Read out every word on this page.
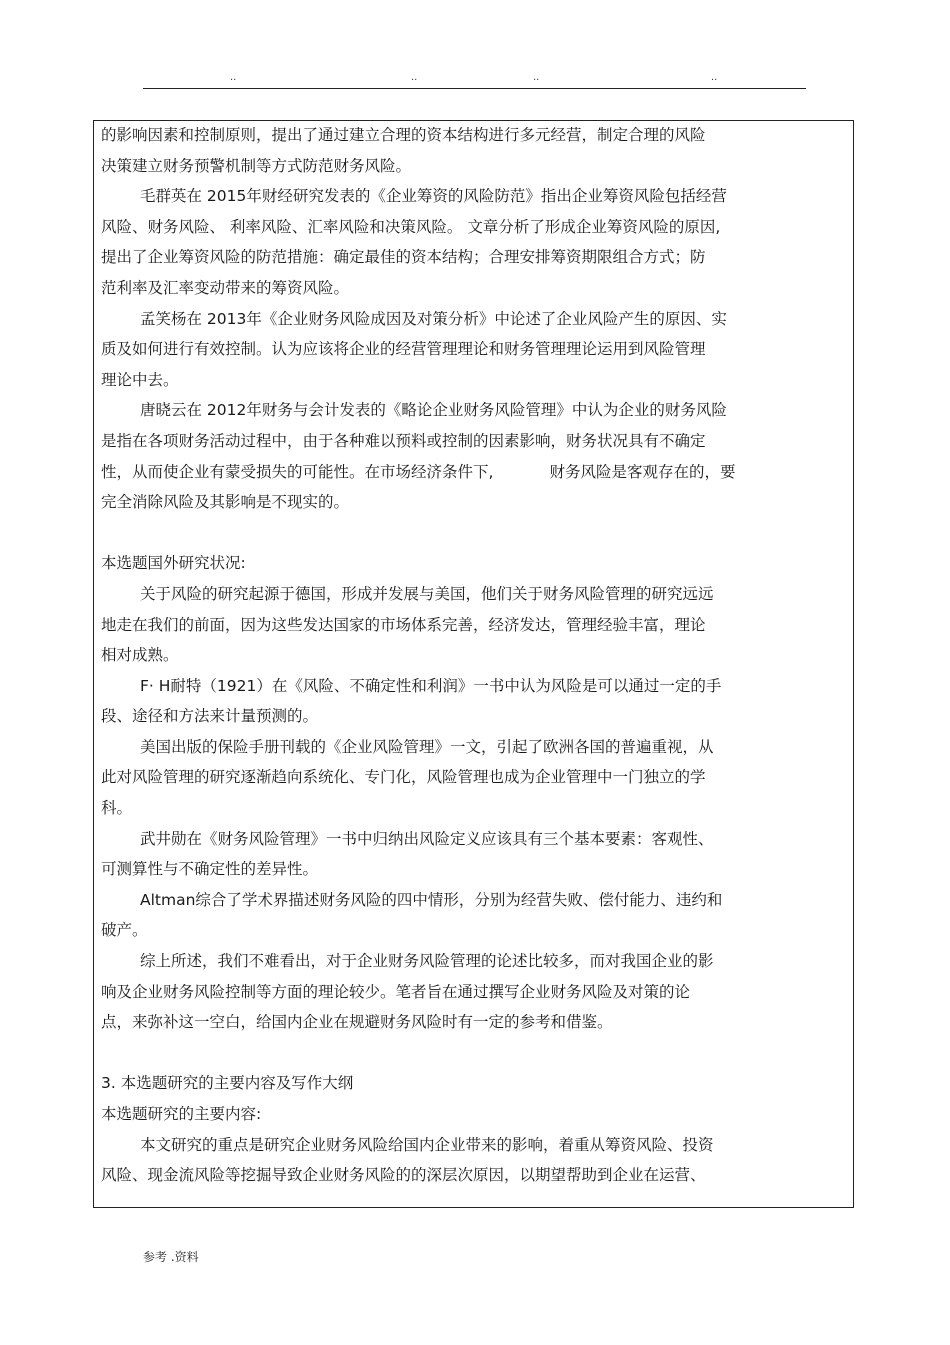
..	..	..	..
的影响因素和控制原则，提出了通过建立合理的资本结构进行多元经营，制定合理的风险
决策建立财务预警机制等方式防范财务风险。
毛群英在 2015年财经研究发表的《企业筹资的风险防范》指出企业筹资风险包括经营
风险、财务风险、 利率风险、汇率风险和决策风险。 文章分析了形成企业筹资风险的原因,
提出了企业筹资风险的防范措施：确定最佳的资本结构；合理安排筹资期限组合方式；防
范利率及汇率变动带来的筹资风险。
孟笑杨在 2013年《企业财务风险成因及对策分析》中论述了企业风险产生的原因、实
质及如何进行有效控制。认为应该将企业的经营管理理论和财务管理理论运用到风险管理
理论中去。
唐晓云在 2012年财务与会计发表的《略论企业财务风险管理》中认为企业的财务风险
是指在各项财务活动过程中，由于各种难以预料或控制的因素影响，财务状况具有不确定
性，从而使企业有蒙受损失的可能性。在市场经济条件下,	财务风险是客观存在的，要
完全消除风险及其影响是不现实的。
本选题国外研究状况:
关于风险的研究起源于德国，形成并发展与美国，他们关于财务风险管理的研究远远
地走在我们的前面，因为这些发达国家的市场体系完善，经济发达，管理经验丰富，理论
相对成熟。
F· H耐特（1921）在《风险、不确定性和利润》一书中认为风险是可以通过一定的手
段、途径和方法来计量预测的。
美国出版的保险手册刊载的《企业风险管理》一文，引起了欧洲各国的普遍重视，从
此对风险管理的研究逐渐趋向系统化、专门化，风险管理也成为企业管理中一门独立的学
科。
武井勋在《财务风险管理》一书中归纳出风险定义应该具有三个基本要素：客观性、
可测算性与不确定性的差异性。
Altman综合了学术界描述财务风险的四中情形，分别为经营失败、偿付能力、违约和
破产。
综上所述，我们不难看出，对于企业财务风险管理的论述比较多，而对我国企业的影
响及企业财务风险控制等方面的理论较少。笔者旨在通过撰写企业财务风险及对策的论
点，来弥补这一空白，给国内企业在规避财务风险时有一定的参考和借鉴。
3. 本选题研究的主要内容及写作大纲
本选题研究的主要内容:
本文研究的重点是研究企业财务风险给国内企业带来的影响，着重从筹资风险、投资
风险、现金流风险等挖掘导致企业财务风险的的深层次原因，以期望帮助到企业在运营、
参考 .资料
